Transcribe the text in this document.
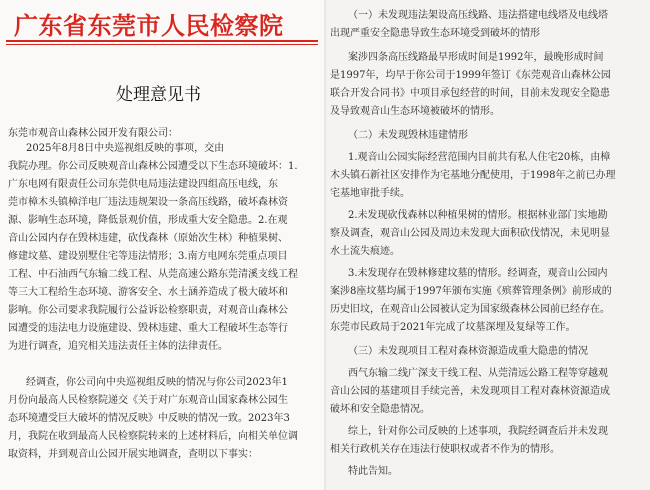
广东省东莞市人民检察院
处理意见书
东莞市观音山森林公园开发有限公司：

2025年8月8日中央巡视组反映的事项，交由

我院办理。你公司反映观音山森林公园遭受以下生态环境破坏：1.

广东电网有限责任公司东莞供电局违法建设四组高压电线，东

莞市樟木头镇樟洋电厂违法违规架设一条高压线路，破坏森林资

源、影响生态环境，降低景观价值，形成重大安全隐患。2.在观

音山公园内存在毁林违建，砍伐森林（原始次生林）种植果树、

修建坟墓、建设别墅住宅等违法情形；3.南方电网东莞重点项目

工程、中石油西气东输二线工程、从莞高速公路东莞清溪支线工程

等三大工程给生态环境、游客安全、水土涵养造成了极大破坏和

影响。你公司要求我院履行公益诉讼检察职责，对观音山森林公

园遭受的违法电力设施建设、毁林违建、重大工程破坏生态等行

为进行调查，追究相关违法责任主体的法律责任。

经调查，你公司向中央巡视组反映的情况与你公司2023年1

月份向最高人民检察院递交《关于对广东观音山国家森林公园生

态环境遭受巨大破坏的情况反映》中反映的情况一致。2023年3

月，我院在收到最高人民检察院转来的上述材料后，向相关单位调

取资料，并到观音山公园开展实地调查，查明以下事实：

（一）未发现违法架设高压线路、违法搭建电线塔及电线塔

出现严重安全隐患导致生态环境受到破坏的情形

案涉四条高压线路最早形成时间是1992年，最晚形成时间

是1997年，均早于你公司于1999年签订《东莞观音山森林公园

联合开发合同书》中项目承包经营的时间，目前未发现安全隐患

及导致观音山生态环境被破坏的情形。

（二）未发现毁林违建情形

1.观音山公园实际经营范围内目前共有私人住宅20栋，由樟

木头镇石新社区安排作为宅基地分配使用，于1998年之前已办理

宅基地审批手续。

2.未发现砍伐森林以种植果树的情形。根据林业部门实地勘

察及调查，观音山公园及周边未发现大面积砍伐情况，未见明显

水土流失痕迹。

3.未发现存在毁林修建坟墓的情形。经调查，观音山公园内

案涉8座坟墓均属于1997年颁布实施《殡葬管理条例》前形成的

历史旧坟，在观音山公园被认定为国家级森林公园前已经存在。

东莞市民政局于2021年完成了坟墓深埋及复绿等工作。

（三）未发现项目工程对森林资源造成重大隐患的情况

西气东输二线广深支干线工程、从莞清远公路工程等穿越观

音山公园的基建项目手续完善，未发现项目工程对森林资源造成

破坏和安全隐患情况。

综上，针对你公司反映的上述事项，我院经调查后并未发现

相关行政机关存在违法行使职权或者不作为的情形。

特此告知。
